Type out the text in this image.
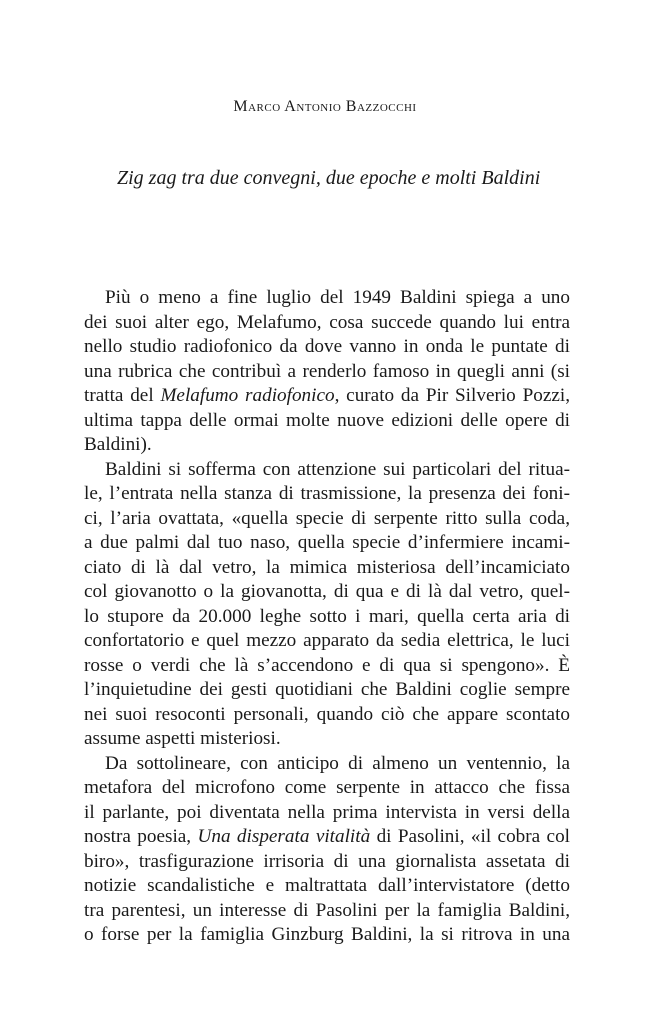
Marco Antonio Bazzocchi
Zig zag tra due convegni, due epoche e molti Baldini
Più o meno a fine luglio del 1949 Baldini spiega a uno
dei suoi alter ego, Melafumo, cosa succede quando lui entra
nello studio radiofonico da dove vanno in onda le puntate di
una rubrica che contribuì a renderlo famoso in quegli anni (si
tratta del Melafumo radiofonico, curato da Pir Silverio Pozzi,
ultima tappa delle ormai molte nuove edizioni delle opere di
Baldini).
Baldini si sofferma con attenzione sui particolari del ritua-
le, l’entrata nella stanza di trasmissione, la presenza dei foni-
ci, l’aria ovattata, «quella specie di serpente ritto sulla coda,
a due palmi dal tuo naso, quella specie d’infermiere incami-
ciato di là dal vetro, la mimica misteriosa dell’incamiciato
col giovanotto o la giovanotta, di qua e di là dal vetro, quel-
lo stupore da 20.000 leghe sotto i mari, quella certa aria di
confortatorio e quel mezzo apparato da sedia elettrica, le luci
rosse o verdi che là s’accendono e di qua si spengono». È
l’inquietudine dei gesti quotidiani che Baldini coglie sempre
nei suoi resoconti personali, quando ciò che appare scontato
assume aspetti misteriosi.
Da sottolineare, con anticipo di almeno un ventennio, la
metafora del microfono come serpente in attacco che fissa
il parlante, poi diventata nella prima intervista in versi della
nostra poesia, Una disperata vitalità di Pasolini, «il cobra col
biro», trasfigurazione irrisoria di una giornalista assetata di
notizie scandalistiche e maltrattata dall’intervistatore (detto
tra parentesi, un interesse di Pasolini per la famiglia Baldini,
o forse per la famiglia Ginzburg Baldini, la si ritrova in una
